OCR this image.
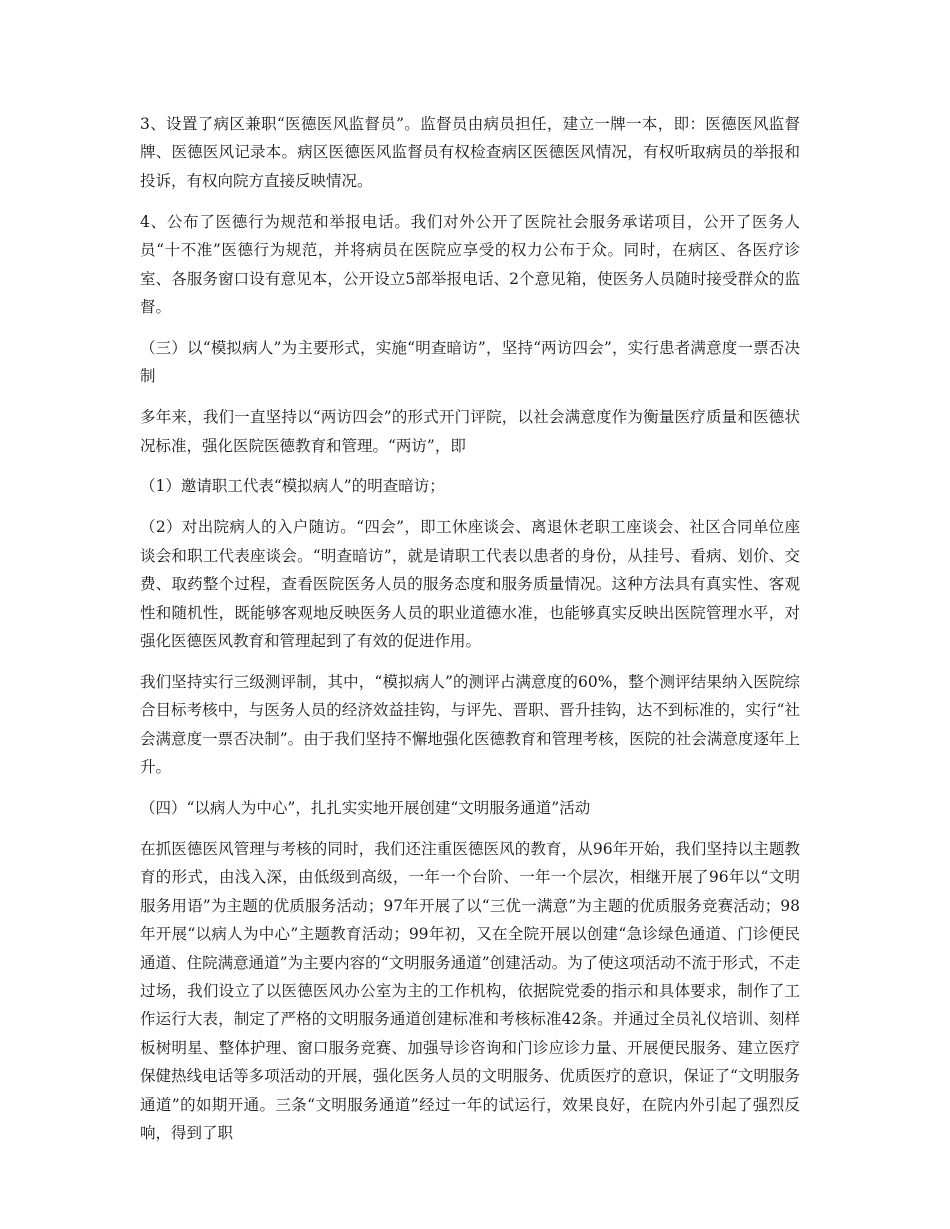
3、设置了病区兼职“医德医风监督员”。监督员由病员担任，建立一牌一本，即：医德医风监督牌、医德医风记录本。病区医德医风监督员有权检查病区医德医风情况，有权听取病员的举报和投诉，有权向院方直接反映情况。

4、公布了医德行为规范和举报电话。我们对外公开了医院社会服务承诺项目，公开了医务人员“十不准”医德行为规范，并将病员在医院应享受的权力公布于众。同时，在病区、各医疗诊室、各服务窗口设有意见本，公开设立5部举报电话、2个意见箱，使医务人员随时接受群众的监督。

（三）以“模拟病人”为主要形式，实施“明查暗访”，坚持“两访四会”，实行患者满意度一票否决制

多年来，我们一直坚持以“两访四会”的形式开门评院，以社会满意度作为衡量医疗质量和医德状况标准，强化医院医德教育和管理。“两访”，即

（1）邀请职工代表“模拟病人”的明查暗访；

（2）对出院病人的入户随访。“四会”，即工休座谈会、离退休老职工座谈会、社区合同单位座谈会和职工代表座谈会。“明查暗访”，就是请职工代表以患者的身份，从挂号、看病、划价、交费、取药整个过程，查看医院医务人员的服务态度和服务质量情况。这种方法具有真实性、客观性和随机性，既能够客观地反映医务人员的职业道德水准，也能够真实反映出医院管理水平，对强化医德医风教育和管理起到了有效的促进作用。

我们坚持实行三级测评制，其中，“模拟病人”的测评占满意度的60%，整个测评结果纳入医院综合目标考核中，与医务人员的经济效益挂钩，与评先、晋职、晋升挂钩，达不到标准的，实行“社会满意度一票否决制”。由于我们坚持不懈地强化医德教育和管理考核，医院的社会满意度逐年上升。

（四）“以病人为中心”，扎扎实实地开展创建“文明服务通道”活动

在抓医德医风管理与考核的同时，我们还注重医德医风的教育，从96年开始，我们坚持以主题教育的形式，由浅入深，由低级到高级，一年一个台阶、一年一个层次，相继开展了96年以“文明服务用语”为主题的优质服务活动；97年开展了以“三优一满意”为主题的优质服务竞赛活动；98年开展“以病人为中心”主题教育活动；99年初，又在全院开展以创建“急诊绿色通道、门诊便民通道、住院满意通道”为主要内容的“文明服务通道”创建活动。为了使这项活动不流于形式，不走过场，我们设立了以医德医风办公室为主的工作机构，依据院党委的指示和具体要求，制作了工作运行大表，制定了严格的文明服务通道创建标准和考核标准42条。并通过全员礼仪培训、刻样板树明星、整体护理、窗口服务竞赛、加强导诊咨询和门诊应诊力量、开展便民服务、建立医疗保健热线电话等多项活动的开展，强化医务人员的文明服务、优质医疗的意识，保证了“文明服务通道”的如期开通。三条“文明服务通道”经过一年的试运行，效果良好，在院内外引起了强烈反响，得到了职
